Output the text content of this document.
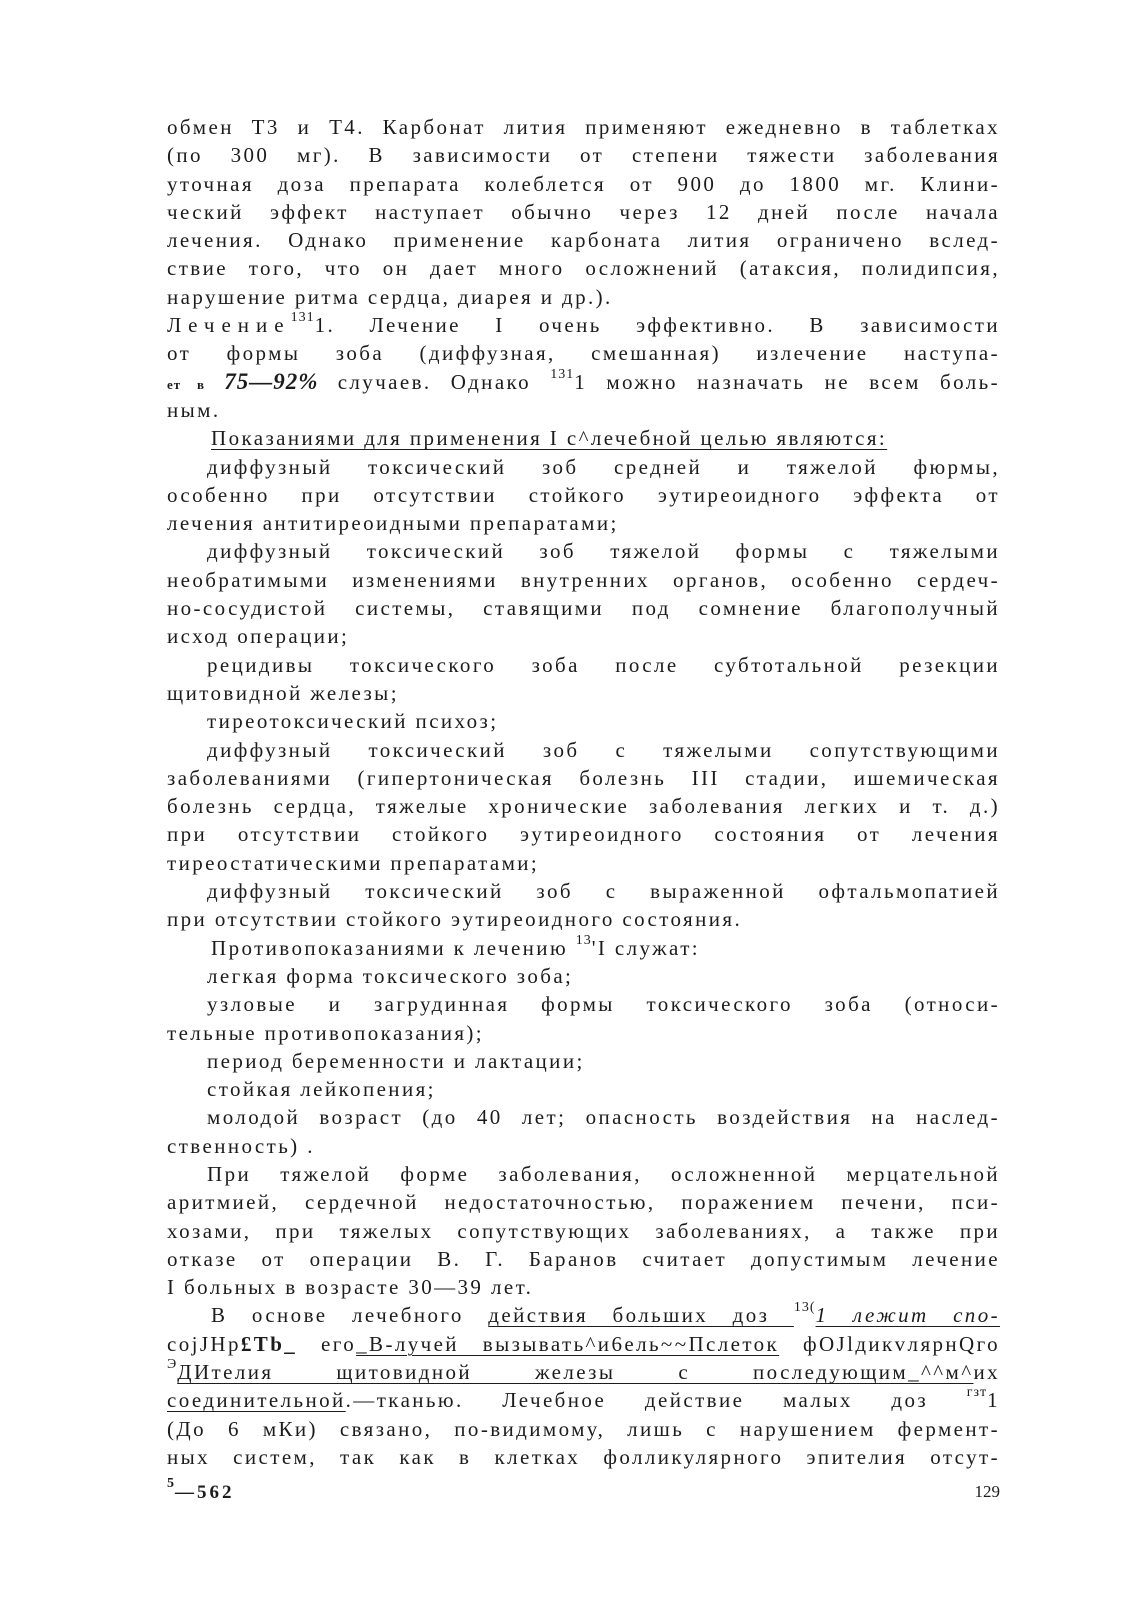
обмен Т3 и Т4. Карбонат лития применяют ежедневно в таблетках
(по 300 мг). В зависимости от степени тяжести заболевания
уточная доза препарата колеблется от 900 до 1800 мг. Клини-
ческий эффект наступает обычно через 12 дней после начала
лечения. Однако применение карбоната лития ограничено вслед-
ствие того, что он дает много осложнений (атаксия, полидипсия,
нарушение ритма сердца, диарея и др.).
Лечение$^{131}$1. Лечение I очень эффективно. В зависимости
от формы зоба (диффузная, смешанная) излечение наступа-
ет в 75—92% случаев. Однако $^{131}$1 можно назначать не всем боль-
ным.
Показаниями для применения I с^лечебной целью являются:
диффузный токсический зоб средней и тяжелой фюрмы,
особенно при отсутствии стойкого эутиреоидного эффекта от
лечения антитиреоидными препаратами;
диффузный токсический зоб тяжелой формы с тяжелыми
необратимыми изменениями внутренних органов, особенно сердеч-
но-сосудистой системы, ставящими под сомнение благополучный
исход операции;
рецидивы токсического зоба после субтотальной резекции
щитовидной железы;
тиреотоксический психоз;
диффузный токсический зоб с тяжелыми сопутствующими
заболеваниями (гипертоническая болезнь III стадии, ишемическая
болезнь сердца, тяжелые хронические заболевания легких и т. д.)
при отсутствии стойкого эутиреоидного состояния от лечения
тиреостатическими препаратами;
диффузный токсический зоб с выраженной офтальмопатией
при отсутствии стойкого эутиреоидного состояния.
Противопоказаниями к лечению $^{13}$'I служат:
легкая форма токсического зоба;
узловые и загрудинная формы токсического зоба (относи-
тельные противопоказания);
период беременности и лактации;
стойкая лейкопения;
молодой возраст (до 40 лет; опасность воздействия на наслед-
ственность) .
При тяжелой форме заболевания, осложненной мерцательной
аритмией, сердечной недостаточностью, поражением печени, пси-
хозами, при тяжелых сопутствующих заболеваниях, а также при
отказе от операции В. Г. Баранов считает допустимым лечение
I больных в возрасте 30—39 лет.
В основе лечебного действия больших доз $^{13(}$1 лежит спо-
cojJHp£Tb_ его_B-лучей вызывать^и6ель~~Пслеток фOJlдикvлярнQго
$^Э$ДИтелия щитовидной железы с последующим_^^м^их
соединительной.—тканью. Лечебное действие малых доз $^{гзт}$1
(До 6 мКи) связано, по-видимому, лишь с нарушением фермент-
ных систем, так как в клетках фолликулярного эпителия отсут-
$^5$—562	129
